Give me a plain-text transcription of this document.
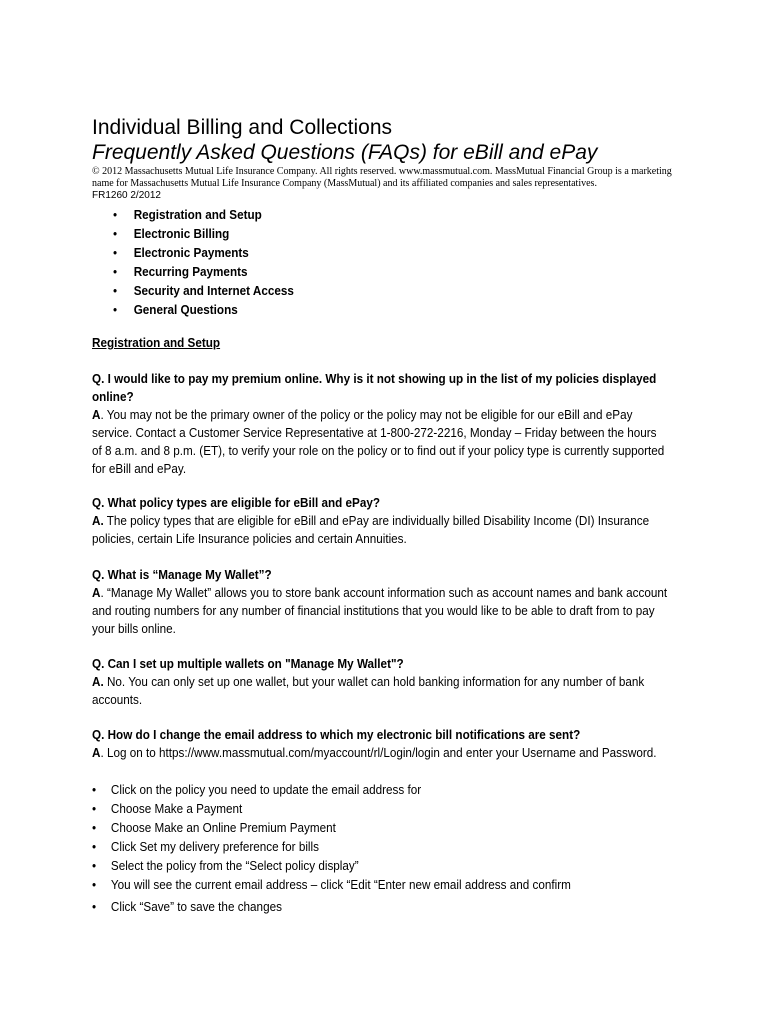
Individual Billing and Collections
Frequently Asked Questions (FAQs) for eBill and ePay
© 2012 Massachusetts Mutual Life Insurance Company. All rights reserved. www.massmutual.com. MassMutual Financial Group is a marketing name for Massachusetts Mutual Life Insurance Company (MassMutual) and its affiliated companies and sales representatives.
FR1260 2/2012
• Registration and Setup
• Electronic Billing
• Electronic Payments
• Recurring Payments
• Security and Internet Access
• General Questions
Registration and Setup
Q. I would like to pay my premium online. Why is it not showing up in the list of my policies displayed online?
A. You may not be the primary owner of the policy or the policy may not be eligible for our eBill and ePay service. Contact a Customer Service Representative at 1-800-272-2216, Monday – Friday between the hours of 8 a.m. and 8 p.m. (ET), to verify your role on the policy or to find out if your policy type is currently supported for eBill and ePay.
Q. What policy types are eligible for eBill and ePay?
A. The policy types that are eligible for eBill and ePay are individually billed Disability Income (DI) Insurance policies, certain Life Insurance policies and certain Annuities.
Q. What is “Manage My Wallet”?
A. “Manage My Wallet” allows you to store bank account information such as account names and bank account and routing numbers for any number of financial institutions that you would like to be able to draft from to pay your bills online.
Q. Can I set up multiple wallets on "Manage My Wallet"?
A. No. You can only set up one wallet, but your wallet can hold banking information for any number of bank accounts.
Q. How do I change the email address to which my electronic bill notifications are sent?
A. Log on to https://www.massmutual.com/myaccount/rl/Login/login and enter your Username and Password.
• Click on the policy you need to update the email address for
• Choose Make a Payment
• Choose Make an Online Premium Payment
• Click Set my delivery preference for bills
• Select the policy from the “Select policy display”
• You will see the current email address – click “Edit “Enter new email address and confirm
• Click “Save” to save the changes
